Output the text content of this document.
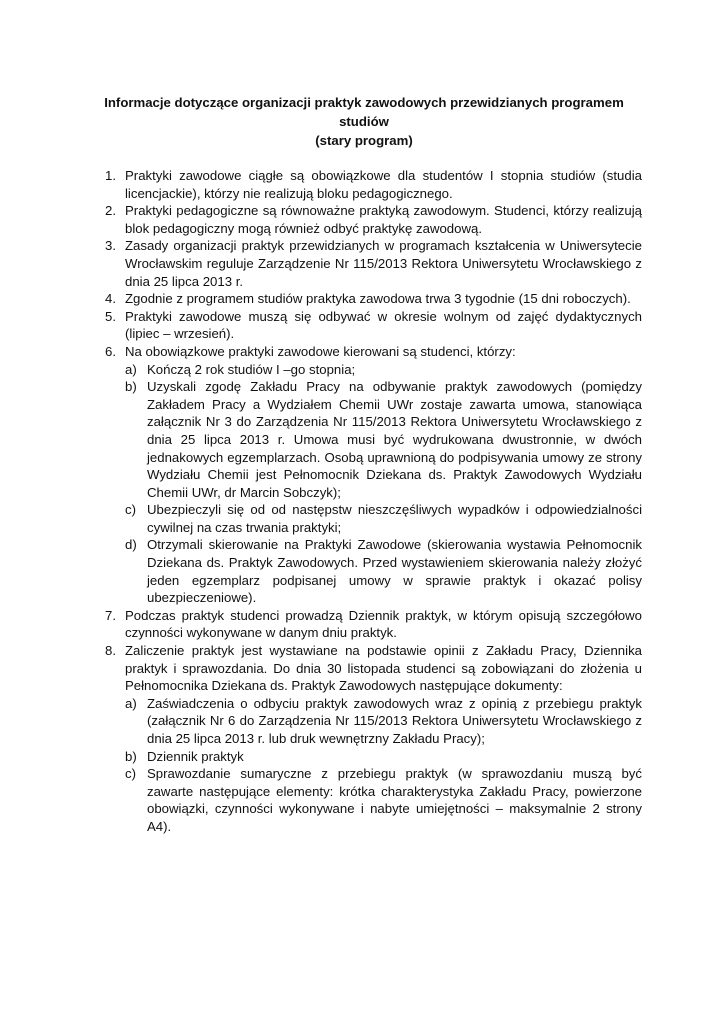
Informacje dotyczące organizacji praktyk zawodowych przewidzianych programem studiów
(stary program)
1. Praktyki zawodowe ciągłe są obowiązkowe dla studentów I stopnia studiów (studia licencjackie), którzy nie realizują bloku pedagogicznego.

2. Praktyki pedagogiczne są równoważne praktyką zawodowym. Studenci, którzy realizują blok pedagogiczny mogą również odbyć praktykę zawodową.

3. Zasady organizacji praktyk przewidzianych w programach kształcenia w Uniwersytecie Wrocławskim reguluje Zarządzenie Nr 115/2013 Rektora Uniwersytetu Wrocławskiego z dnia 25 lipca 2013 r.

4. Zgodnie z programem studiów praktyka zawodowa trwa 3 tygodnie (15 dni roboczych).

5. Praktyki zawodowe muszą się odbywać w okresie wolnym od zajęć dydaktycznych (lipiec – wrzesień).

6. Na obowiązkowe praktyki zawodowe kierowani są studenci, którzy:

a) Kończą 2 rok studiów I –go stopnia;
b) Uzyskali zgodę Zakładu Pracy na odbywanie praktyk zawodowych (pomiędzy Zakładem Pracy a Wydziałem Chemii UWr zostaje zawarta umowa, stanowiąca załącznik Nr 3 do Zarządzenia Nr 115/2013 Rektora Uniwersytetu Wrocławskiego z dnia 25 lipca 2013 r. Umowa musi być wydrukowana dwustronnie, w dwóch jednakowych egzemplarzach. Osobą uprawnioną do podpisywania umowy ze strony Wydziału Chemii jest Pełnomocnik Dziekana ds. Praktyk Zawodowych Wydziału Chemii UWr, dr Marcin Sobczyk);
c) Ubezpieczyli się od od następstw nieszczęśliwych wypadków i odpowiedzialności cywilnej na czas trwania praktyki;
d) Otrzymali skierowanie na Praktyki Zawodowe (skierowania wystawia Pełnomocnik Dziekana ds. Praktyk Zawodowych. Przed wystawieniem skierowania należy złożyć jeden egzemplarz podpisanej umowy w sprawie praktyk i okazać polisy ubezpieczeniowe).
7. Podczas praktyk studenci prowadzą Dziennik praktyk, w którym opisują szczegółowo czynności wykonywane w danym dniu praktyk.

8. Zaliczenie praktyk jest wystawiane na podstawie opinii z Zakładu Pracy, Dziennika praktyk i sprawozdania. Do dnia 30 listopada studenci są zobowiązani do złożenia u Pełnomocnika Dziekana ds. Praktyk Zawodowych następujące dokumenty:

a) Zaświadczenia o odbyciu praktyk zawodowych wraz z opinią z przebiegu praktyk (załącznik Nr 6 do Zarządzenia Nr 115/2013 Rektora Uniwersytetu Wrocławskiego z dnia 25 lipca 2013 r. lub druk wewnętrzny Zakładu Pracy);
b) Dziennik praktyk
c) Sprawozdanie sumaryczne z przebiegu praktyk (w sprawozdaniu muszą być zawarte następujące elementy: krótka charakterystyka Zakładu Pracy, powierzone obowiązki, czynności wykonywane i nabyte umiejętności – maksymalnie 2 strony A4).
